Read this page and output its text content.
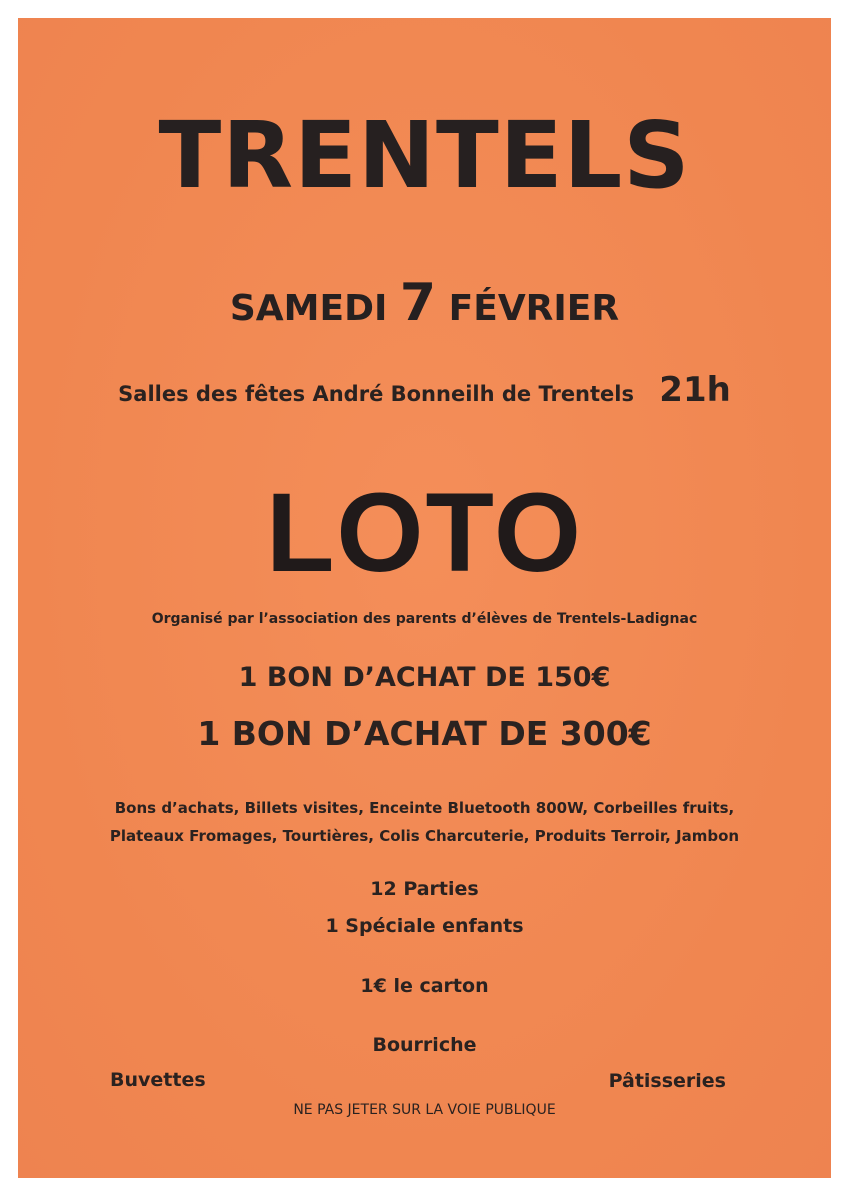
TRENTELS
SAMEDI 7 FÉVRIER
Salles des fêtes André Bonneilh de Trentels 21h
LOTO
Organisé par l’association des parents d’élèves de Trentels-Ladignac
1 BON D’ACHAT DE 150€
1 BON D’ACHAT DE 300€
Bons d’achats, Billets visites, Enceinte Bluetooth 800W, Corbeilles fruits,
Plateaux Fromages, Tourtières, Colis Charcuterie, Produits Terroir, Jambon
12 Parties
1 Spéciale enfants
1€ le carton
Bourriche
Buvettes	Pâtisseries
NE PAS JETER SUR LA VOIE PUBLIQUE
